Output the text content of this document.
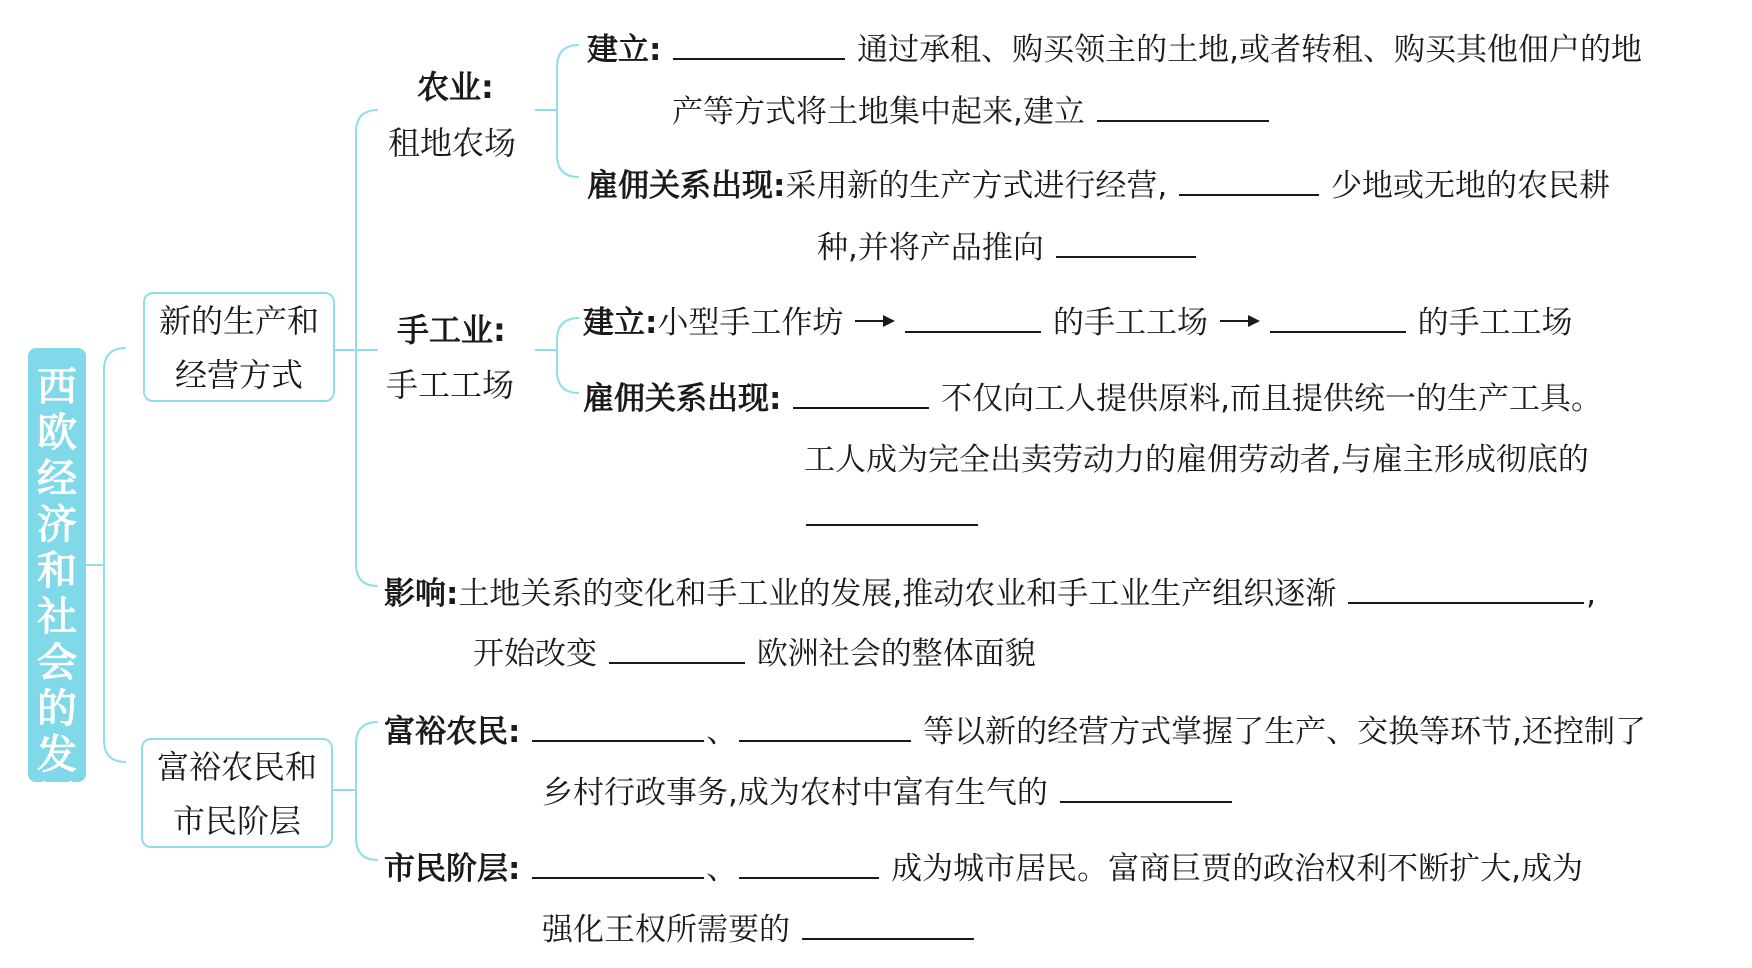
西欧经济和社会的发展
新的生产和经营方式
富裕农民和市民阶层
农业:
租地农场
建立:	通过承租、购买领主的土地,或者转租、购买其他佃户的地
产等方式将土地集中起来,建立
雇佣关系出现:采用新的生产方式进行经营,	少地或无地的农民耕
种,并将产品推向
手工业:
手工工场
建立:小型手工作坊	的手工工场	的手工工场
雇佣关系出现:	不仅向工人提供原料,而且提供统一的生产工具。
工人成为完全出卖劳动力的雇佣劳动者,与雇主形成彻底的
影响:土地关系的变化和手工业的发展,推动农业和手工业生产组织逐渐	,
开始改变	欧洲社会的整体面貌
富裕农民:	、	等以新的经营方式掌握了生产、交换等环节,还控制了
乡村行政事务,成为农村中富有生气的
市民阶层:	、	成为城市居民。富商巨贾的政治权利不断扩大,成为
强化王权所需要的
